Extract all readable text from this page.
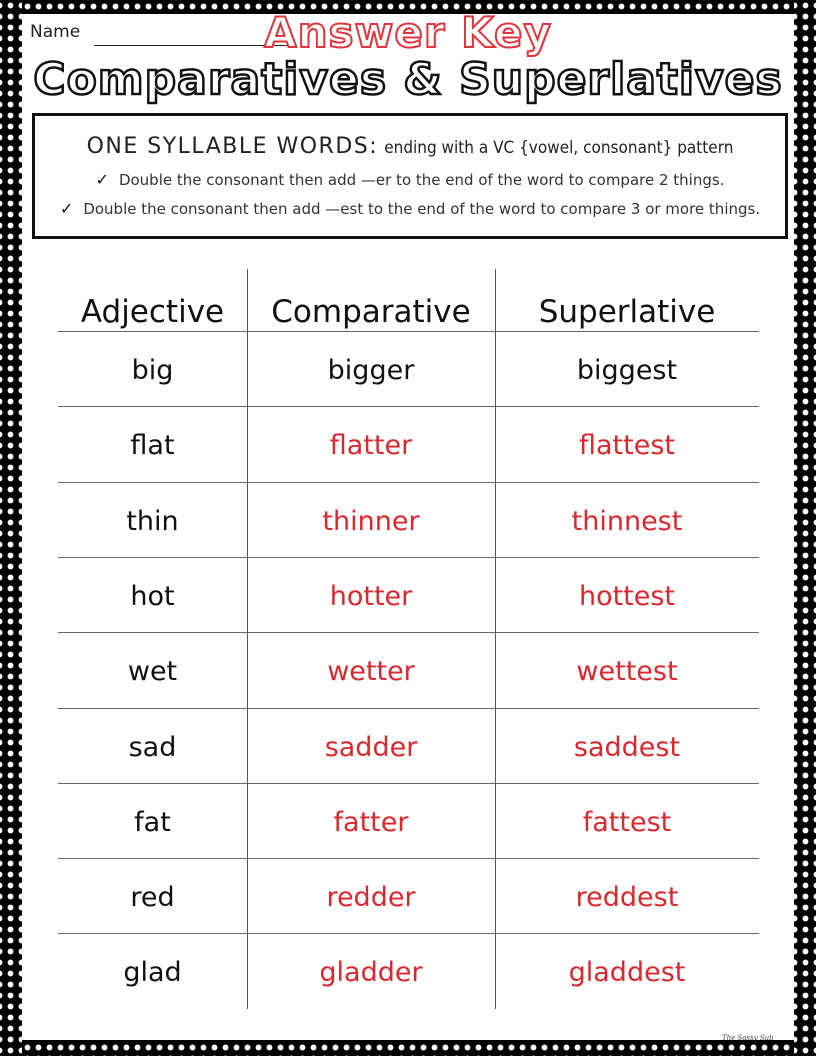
Name	Answer Key
Comparatives & Superlatives
ONE SYLLABLE WORDS: ending with a VC {vowel, consonant} pattern
✓ Double the consonant then add —er to the end of the word to compare 2 things.
✓ Double the consonant then add —est to the end of the word to compare 3 or more things.
Adjective	Comparative	Superlative
big	bigger	biggest
flat	flatter	flattest
thin	thinner	thinnest
hot	hotter	hottest
wet	wetter	wettest
sad	sadder	saddest
fat	fatter	fattest
red	redder	reddest
glad	gladder	gladdest
The Sassy Sub
